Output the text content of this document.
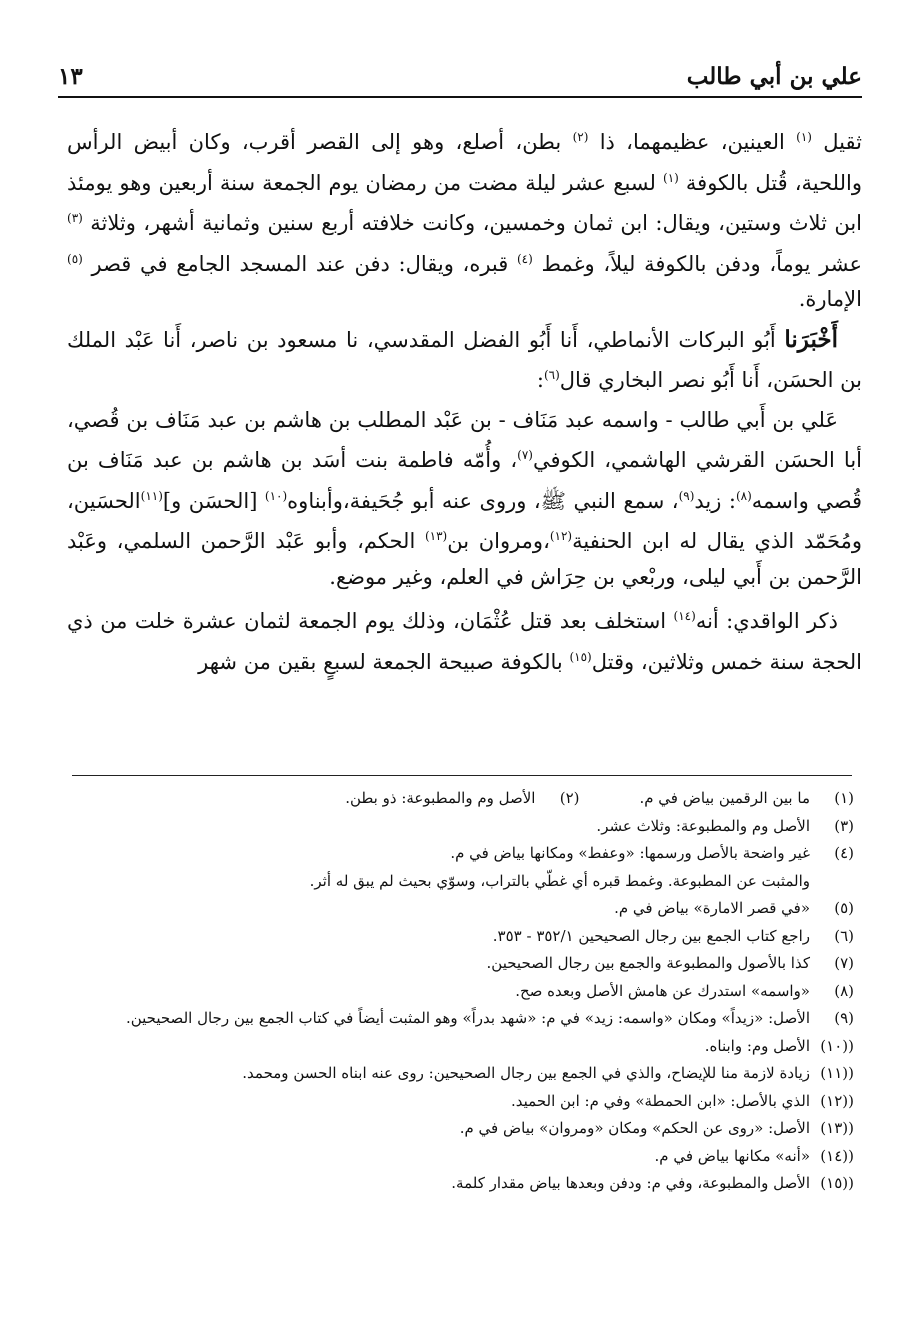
علي بن أبي طالب
١٣

ثقيل $^{(١)}$ العينين، عظيمهما، ذا $^{(٢)}$ بطن، أصلع، وهو إلى القصر أقرب، وكان أبيض الرأس واللحية، قُتل بالكوفة $^{(١)}$ لسبع عشر ليلة مضت من رمضان يوم الجمعة سنة أربعين وهو يومئذ ابن ثلاث وستين، ويقال: ابن ثمان وخمسين، وكانت خلافته أربع سنين وثمانية أشهر، وثلاثة $^{(٣)}$ عشر يوماً، ودفن بالكوفة ليلاً، وغمط $^{(٤)}$ قبره، ويقال: دفن عند المسجد الجامع في قصر $^{(٥)}$ الإمارة.

أَخْبَرَنا أَبُو البركات الأنماطي، أَنا أَبُو الفضل المقدسي، نا مسعود بن ناصر، أَنا عَبْد الملك بن الحسَن، أَنا أَبُو نصر البخاري قال$^{(٦)}$:

عَلي بن أَبي طالب - واسمه عبد مَنَاف - بن عَبْد المطلب بن هاشم بن عبد مَنَاف بن قُصي، أبا الحسَن القرشي الهاشمي، الكوفي$^{(٧)}$، وأُمّه فاطمة بنت أسَد بن هاشم بن عبد مَنَاف بن قُصي واسمه$^{(٨)}$: زيد$^{(٩)}$، سمع النبي ﷺ، وروى عنه أبو جُحَيفة،وأبناوه$^{(١٠)}$ [الحسَن و]$^{(١١)}$الحسَين، ومُحَمّد الذي يقال له ابن الحنفية$^{(١٢)}$،ومروان بن$^{(١٣)}$ الحكم، وأبو عَبْد الرَّحمن السلمي، وعَبْد الرَّحمن بن أَبي ليلى، وربْعي بن حِرَاش في العلم، وغير موضع.

ذكر الواقدي: أنه$^{(١٤)}$ استخلف بعد قتل عُثْمَان، وذلك يوم الجمعة لثمان عشرة خلت من ذي الحجة سنة خمس وثلاثين، وقتل$^{(١٥)}$ بالكوفة صبيحة الجمعة لسبعٍ بقين من شهر

(١)
ما بين الرقمين بياض في م.
(٢)
الأصل وم والمطبوعة: ذو بطن.
(٣)
الأصل وم والمطبوعة: وثلاث عشر.
(٤)
غير واضحة بالأصل ورسمها: «وعفط» ومكانها بياض في م.

والمثبت عن المطبوعة. وغمط قبره أي غطّي بالتراب، وسوّي بحيث لم يبق له أثر.

(٥)
«في قصر الامارة» بياض في م.
(٦)
راجع كتاب الجمع بين رجال الصحيحين ٣٥٢/١ - ٣٥٣.
(٧)
كذا بالأصول والمطبوعة والجمع بين رجال الصحيحين.
(٨)
«واسمه» استدرك عن هامش الأصل وبعده صح.
(٩)
الأصل: «زيداً» ومكان «واسمه: زيد» في م: «شهد بدراً» وهو المثبت أيضاً في كتاب الجمع بين رجال الصحيحين.
((١٠)
الأصل وم: وابناه.
((١١)
زيادة لازمة منا للإيضاح، والذي في الجمع بين رجال الصحيحين: روى عنه ابناه الحسن ومحمد.
((١٢)
الذي بالأصل: «ابن الحمطة» وفي م: ابن الحميد.
((١٣)
الأصل: «روى عن الحكم» ومكان «ومروان» بياض في م.
((١٤)
«أنه» مكانها بياض في م.
((١٥)
الأصل والمطبوعة، وفي م: ودفن وبعدها بياض مقدار كلمة.
